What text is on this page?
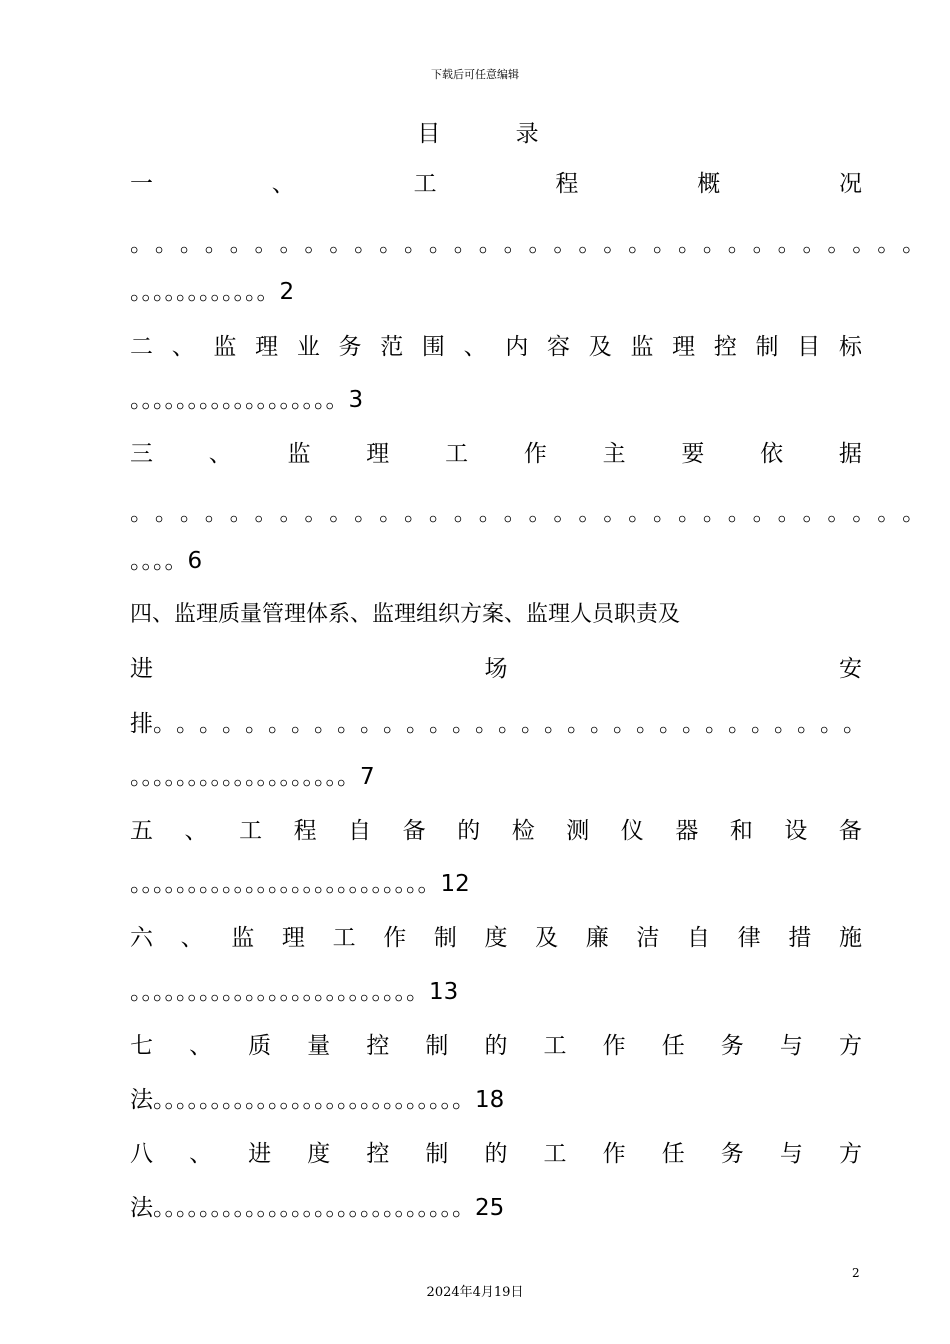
下载后可任意编辑
目 录
一	、	工	程	概	况
。 。 。 。 。 。 。 。 。 。 。 。 。 。 。 。 。 。 。 。 。 。 。 。 。 。 。 。 。 。 。 。
。。。。。。。。。。。。2
二 、 监 理 业 务 范 围 、 内 容 及 监 理 控 制 目 标
。。。。。。。。。。。。。。。。。。3
三 、 监 理 工 作 主 要 依 据
。 。 。 。 。 。 。 。 。 。 。 。 。 。 。 。 。 。 。 。 。 。 。 。 。 。 。 。 。 。 。 。
。。。。6
四、监理质量管理体系、监理组织方案、监理人员职责及
进	场	安
排 。 。 。 。 。 。 。 。 。 。 。 。 。 。 。 。 。 。 。 。 。 。 。 。 。 。 。 。 。 。 。
。。。。。。。。。。。。。。。。。。。7
五 、 工 程 自 备 的 检 测 仪 器 和 设 备
。。。。。。。。。。。。。。。。。。。。。。。。。。12
六 、 监 理 工 作 制 度 及 廉 洁 自 律 措 施
。。。。。。。。。。。。。。。。。。。。。。。。。13
七 、 质 量 控 制 的 工 作 任 务 与 方
法。。。。。。。。。。。。。。。。。。。。。。。。。。。18
八 、 进 度 控 制 的 工 作 任 务 与 方
法。。。。。。。。。。。。。。。。。。。。。。。。。。。25
2
2024年4月19日
